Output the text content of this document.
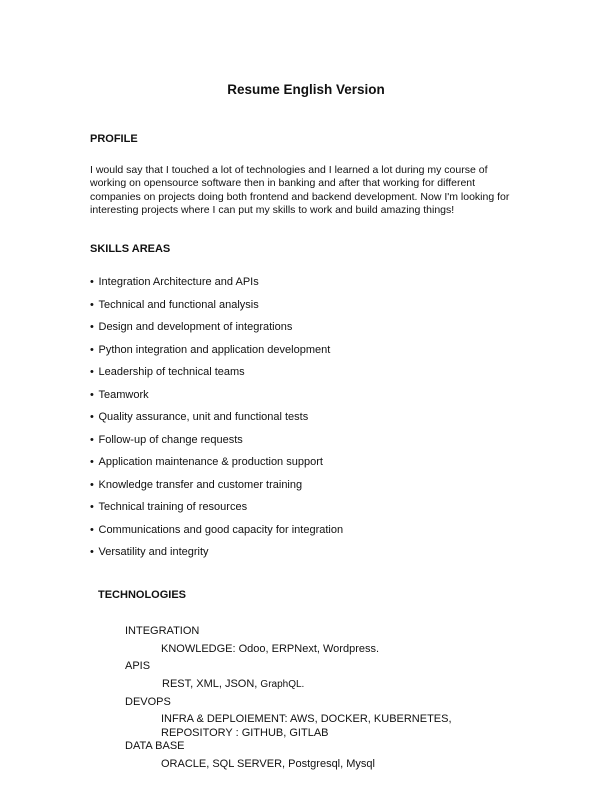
Resume English Version
PROFILE
I would say that I touched a lot of technologies and I learned a lot during my course of working on opensource software then in banking and after that working for different companies on projects doing both frontend and backend development. Now I'm looking for interesting projects where I can put my skills to work and build amazing things!
SKILLS AREAS
• Integration Architecture and APIs
• Technical and functional analysis
• Design and development of integrations
• Python integration and application development
• Leadership of technical teams
• Teamwork
• Quality assurance, unit and functional tests
• Follow-up of change requests
• Application maintenance & production support
• Knowledge transfer and customer training
• Technical training of resources
• Communications and good capacity for integration
• Versatility and integrity
TECHNOLOGIES
INTEGRATION
KNOWLEDGE: Odoo, ERPNext, Wordpress.
APIS
REST, XML, JSON, GraphQL.
DEVOPS
INFRA & DEPLOIEMENT: AWS, DOCKER, KUBERNETES,
REPOSITORY : GITHUB, GITLAB
DATA BASE
ORACLE, SQL SERVER, Postgresql, Mysql
